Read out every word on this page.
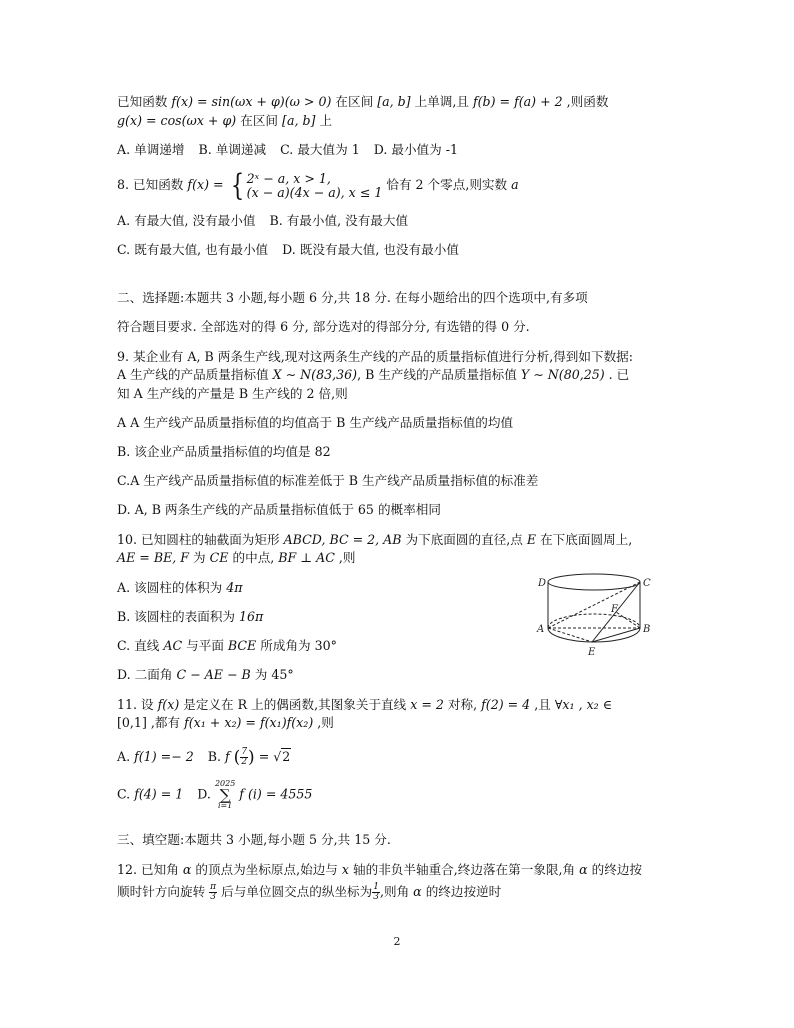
已知函数 f(x) = sin(ωx + φ)(ω > 0) 在区间 [a, b] 上单调,且 f(b) = f(a) + 2 ,则函数
g(x) = cos(ωx + φ) 在区间 [a, b] 上
A. 单调递增 B. 单调递减 C. 最大值为 1 D. 最小值为 -1
8. 已知函数 f(x) = { 2ˣ − a, x > 1,
(x − a)(4x − a), x ≤ 1 恰有 2 个零点,则实数 a
A. 有最大值, 没有最小值 B. 有最小值, 没有最大值
C. 既有最大值, 也有最小值 D. 既没有最大值, 也没有最小值
二、选择题:本题共 3 小题,每小题 6 分,共 18 分. 在每小题给出的四个选项中,有多项
符合题目要求. 全部选对的得 6 分, 部分选对的得部分分, 有选错的得 0 分.
9. 某企业有 A, B 两条生产线,现对这两条生产线的产品的质量指标值进行分析,得到如下数据:
A 生产线的产品质量指标值 X ∼ N(83,36), B 生产线的产品质量指标值 Y ∼ N(80,25) . 已
知 A 生产线的产量是 B 生产线的 2 倍,则
A A 生产线产品质量指标值的均值高于 B 生产线产品质量指标值的均值
B. 该企业产品质量指标值的均值是 82
C.A 生产线产品质量指标值的标准差低于 B 生产线产品质量指标值的标准差
D. A, B 两条生产线的产品质量指标值低于 65 的概率相同
10. 已知圆柱的轴截面为矩形 ABCD, BC = 2, AB 为下底面圆的直径,点 E 在下底面圆周上,
AE = BE, F 为 CE 的中点, BF ⊥ AC ,则
A. 该圆柱的体积为 4π
B. 该圆柱的表面积为 16π
C. 直线 AC 与平面 BCE 所成角为 30°
D. 二面角 C − AE − B 为 45°
D	C
F
A	B
E
11. 设 f(x) 是定义在 R 上的偶函数,其图象关于直线 x = 2 对称, f(2) = 4 ,且 ∀x₁ , x₂ ∈
[0,1] ,都有 f(x₁ + x₂) = f(x₁)f(x₂) ,则
A. f(1) =− 2 B. f ( $\frac{7}{2}$ ) = √2
C. f(4) = 1 D.
2025
∑
i=1
f (i) = 4555
三、填空题:本题共 3 小题,每小题 5 分,共 15 分.
12. 已知角 α 的顶点为坐标原点,始边与 x 轴的非负半轴重合,终边落在第一象限,角 α 的终边按
顺时针方向旋转 $\frac{\pi}{3}$ 后与单位圆交点的纵坐标为 $\frac{1}{3}$ ,则角 α 的终边按逆时
2
